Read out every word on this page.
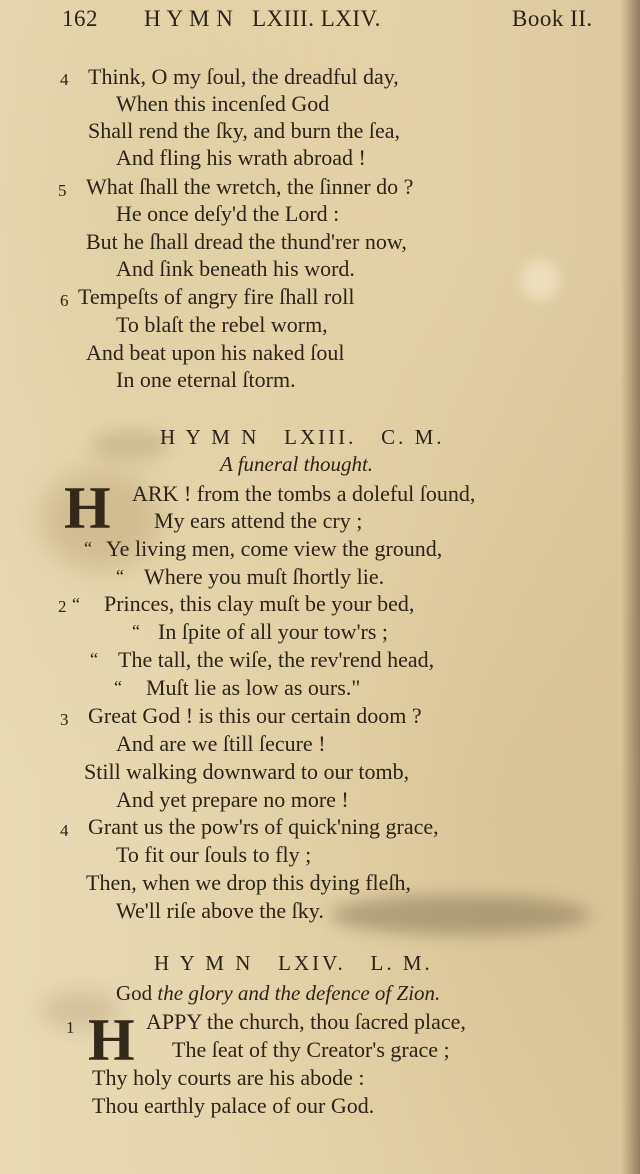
162 H Y M N   LXIII. LXIV.	Book II.
4 Think, O my ſoul, the dreadful day,
When this incenſed God
Shall rend the ſky, and burn the ſea,
And fling his wrath abroad !
5 What ſhall the wretch, the ſinner do ?
He once deſy'd the Lord :
But he ſhall dread the thund'rer now,
And ſink beneath his word.
6 Tempeſts of angry fire ſhall roll
To blaſt the rebel worm,
And beat upon his naked ſoul
In one eternal ſtorm.
H Y M N   LXIII.   C. M.
A funeral thought.
H ARK ! from the tombs a doleful ſound,
My ears attend the cry ;
“ Ye living men, come view the ground,
“ Where you muſt ſhortly lie.
2 “ Princes, this clay muſt be your bed,
“ In ſpite of all your tow'rs ;
“ The tall, the wiſe, the rev'rend head,
“ Muſt lie as low as ours."
3 Great God ! is this our certain doom ?
And are we ſtill ſecure !
Still walking downward to our tomb,
And yet prepare no more !
4 Grant us the pow'rs of quick'ning grace,
To fit our ſouls to fly ;
Then, when we drop this dying fleſh,
We'll riſe above the ſky.
H Y M N   LXIV.   L. M.
God the glory and the defence of Zion.
1 H APPY the church, thou ſacred place,
The ſeat of thy Creator's grace ;
Thy holy courts are his abode :
Thou earthly palace of our God.
